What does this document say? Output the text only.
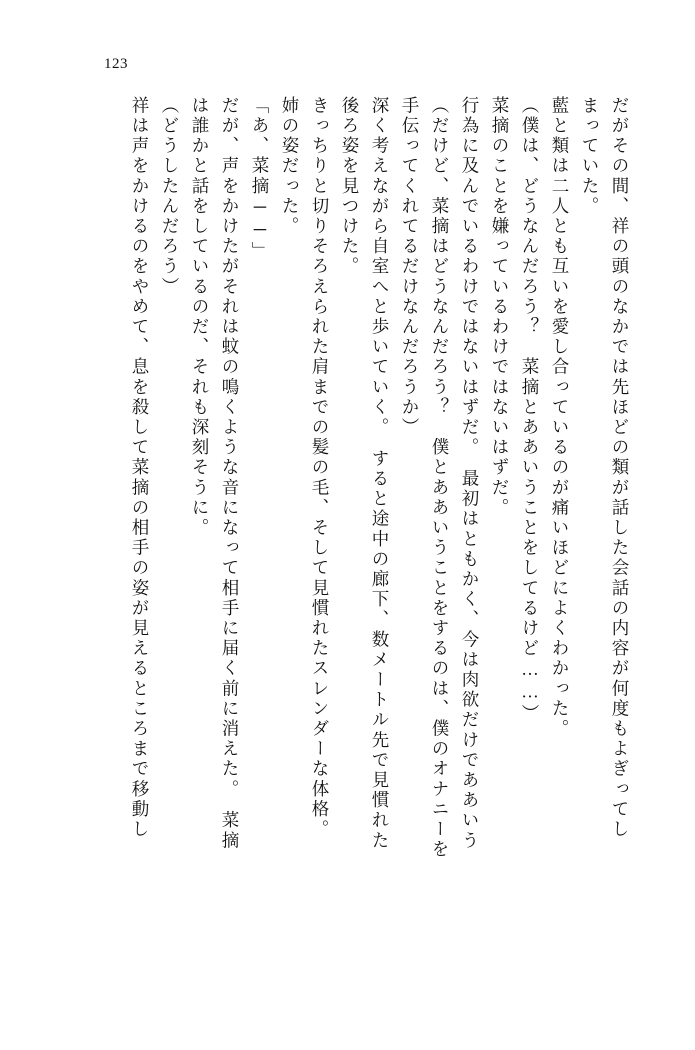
123
だがその間、祥の頭のなかでは先ほどの類が話した会話の内容が何度もよぎってし
まっていた。
藍と類は二人とも互いを愛し合っているのが痛いほどによくわかった。
（僕は、どうなんだろう？　菜摘とああいうことをしてるけど……）
菜摘のことを嫌っているわけではないはずだ。
行為に及んでいるわけではないはずだ。　最初はともかく、今は肉欲だけでああいう
（だけど、菜摘はどうなんだろう？　僕とああいうことをするのは、僕のオナニーを
手伝ってくれてるだけなんだろうか）
深く考えながら自室へと歩いていく。　すると途中の廊下、数メートル先で見慣れた
後ろ姿を見つけた。
きっちりと切りそろえられた肩までの髪の毛、そして見慣れたスレンダーな体格。
姉の姿だった。
「あ、菜摘──」
だが、声をかけたがそれは蚊の鳴くような音になって相手に届く前に消えた。　菜摘
は誰かと話をしているのだ、それも深刻そうに。
（どうしたんだろう）
祥は声をかけるのをやめて、息を殺して菜摘の相手の姿が見えるところまで移動し
